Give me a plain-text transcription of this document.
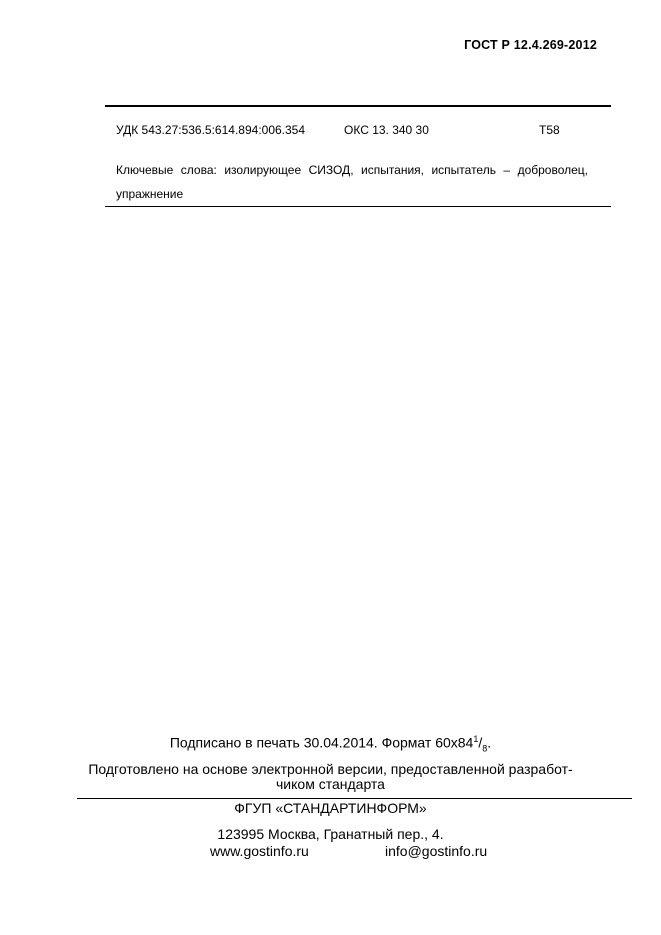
ГОСТ Р 12.4.269-2012
УДК 543.27:536.5:614.894:006.354	ОКС 13. 340 30	Т58
Ключевые слова: изолирующее СИЗОД, испытания, испытатель – доброволец, упражнение
Подписано в печать 30.04.2014. Формат $60х84^1/_8$.
Подготовлено на основе электронной версии, предоставленной разработ-
чиком стандарта
ФГУП «СТАНДАРТИНФОРМ»
123995 Москва, Гранатный пер., 4.
www.gostinfo.ru	info@gostinfo.ru
